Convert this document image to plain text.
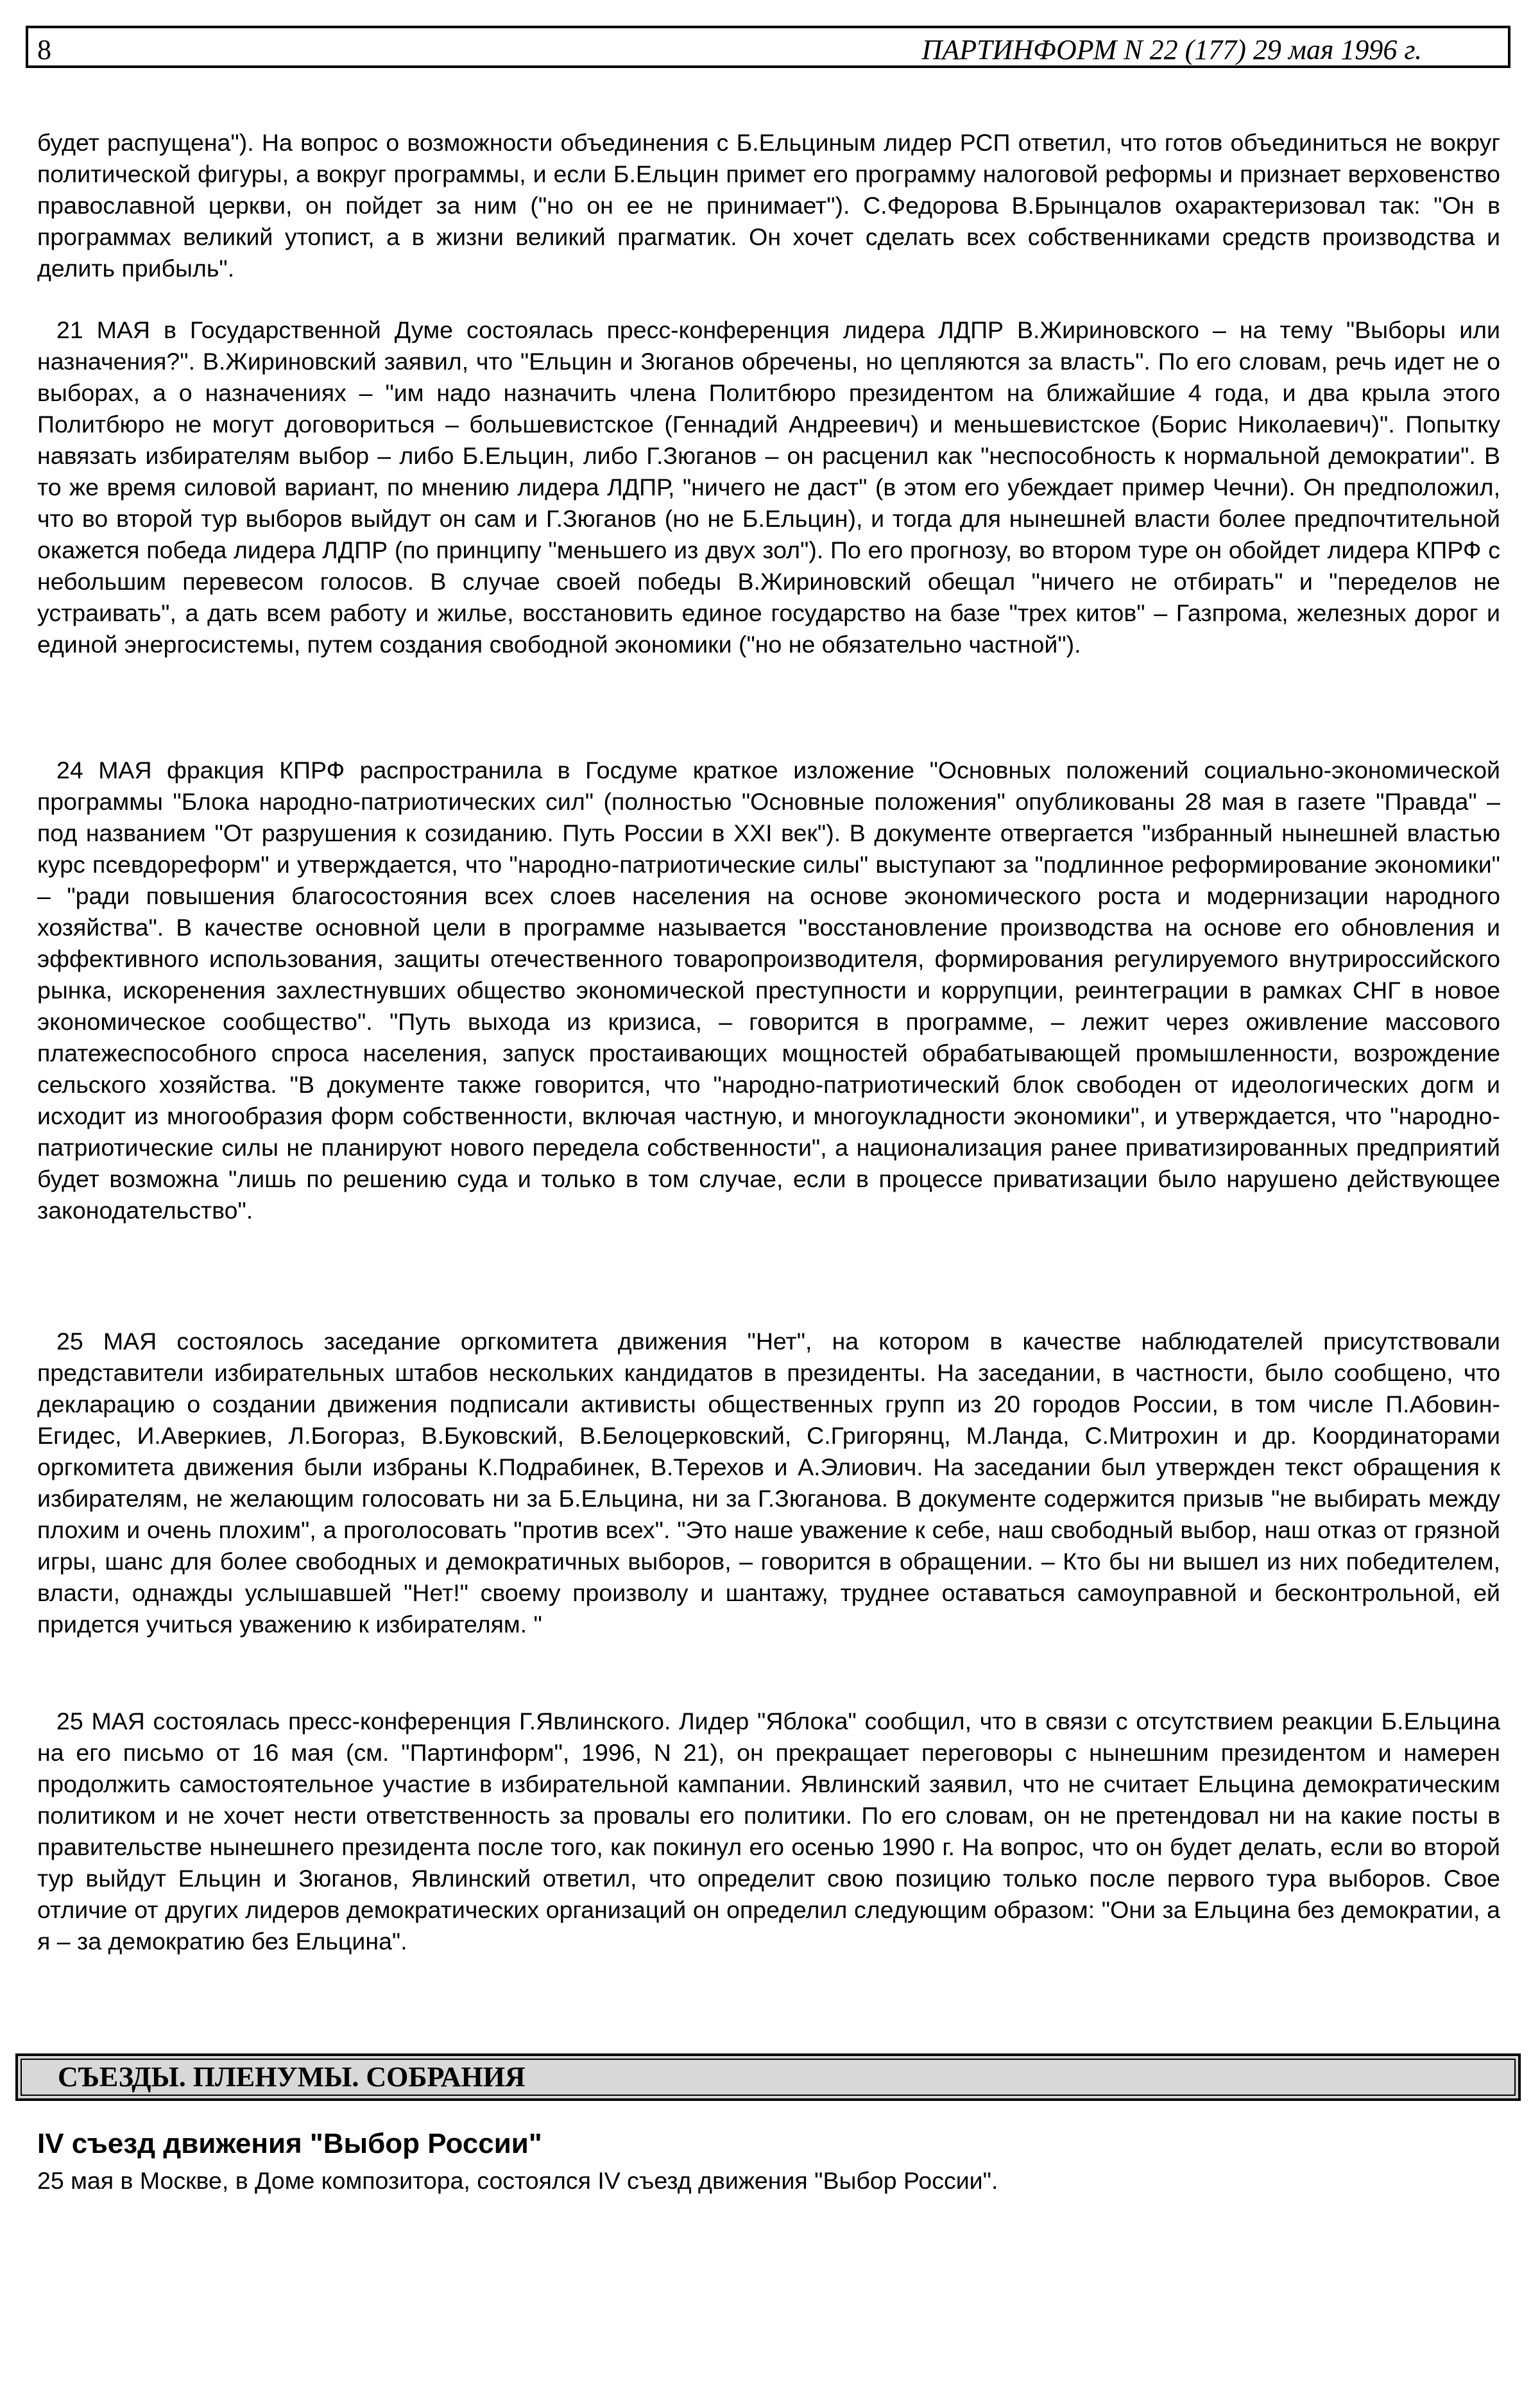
8	ПАРТИНФОРМ N 22 (177) 29 мая 1996 г.

будет распущена"). На вопрос о возможности объединения с Б.Ельциным лидер РСП ответил, что готов объединиться не вокруг политической фигуры, а вокруг программы, и если Б.Ельцин примет его программу налоговой реформы и признает верховенство православной церкви, он пойдет за ним ("но он ее не принимает"). С.Федорова В.Брынцалов охарактеризовал так: "Он в программах великий утопист, а в жизни великий прагматик. Он хочет сделать всех собственниками средств производства и делить прибыль".

21 МАЯ в Государственной Думе состоялась пресс-конференция лидера ЛДПР В.Жириновского – на тему "Выборы или назначения?". В.Жириновский заявил, что "Ельцин и Зюганов обречены, но цепляются за власть". По его словам, речь идет не о выборах, а о назначениях – "им надо назначить члена Политбюро президентом на ближайшие 4 года, и два крыла этого Политбюро не могут договориться – большевистское (Геннадий Андреевич) и меньшевистское (Борис Николаевич)". Попытку навязать избирателям выбор – либо Б.Ельцин, либо Г.Зюганов – он расценил как "неспособность к нормальной демократии". В то же время силовой вариант, по мнению лидера ЛДПР, "ничего не даст" (в этом его убеждает пример Чечни). Он предположил, что во второй тур выборов выйдут он сам и Г.Зюганов (но не Б.Ельцин), и тогда для нынешней власти более предпочтительной окажется победа лидера ЛДПР (по принципу "меньшего из двух зол"). По его прогнозу, во втором туре он обойдет лидера КПРФ с небольшим перевесом голосов. В случае своей победы В.Жириновский обещал "ничего не отбирать" и "переделов не устраивать", а дать всем работу и жилье, восстановить единое государство на базе "трех китов" – Газпрома, железных дорог и единой энергосистемы, путем создания свободной экономики ("но не обязательно частной").

24 МАЯ фракция КПРФ распространила в Госдуме краткое изложение "Основных положений социально-экономической программы "Блока народно-патриотических сил" (полностью "Основные положения" опубликованы 28 мая в газете "Правда" – под названием "От разрушения к созиданию. Путь России в XXI век"). В документе отвергается "избранный нынешней властью курс псевдореформ" и утверждается, что "народно-патриотические силы" выступают за "подлинное реформирование экономики" – "ради повышения благосостояния всех слоев населения на основе экономического роста и модернизации народного хозяйства". В качестве основной цели в программе называется "восстановление производства на основе его обновления и эффективного использования, защиты отечественного товаропроизводителя, формирования регулируемого внутрироссийского рынка, искоренения захлестнувших общество экономической преступности и коррупции, реинтеграции в рамках СНГ в новое экономическое сообщество". "Путь выхода из кризиса, – говорится в программе, – лежит через оживление массового платежеспособного спроса населения, запуск простаивающих мощностей обрабатывающей промышленности, возрождение сельского хозяйства. "В документе также говорится, что "народно-патриотический блок свободен от идеологических догм и исходит из многообразия форм собственности, включая частную, и многоукладности экономики", и утверждается, что "народно-патриотические силы не планируют нового передела собственности", а национализация ранее приватизированных предприятий будет возможна "лишь по решению суда и только в том случае, если в процессе приватизации было нарушено действующее законодательство".

25 МАЯ состоялось заседание оргкомитета движения "Нет", на котором в качестве наблюдателей присутствовали представители избирательных штабов нескольких кандидатов в президенты. На заседании, в частности, было сообщено, что декларацию о создании движения подписали активисты общественных групп из 20 городов России, в том числе П.Абовин-Егидес, И.Аверкиев, Л.Богораз, В.Буковский, В.Белоцерковский, С.Григорянц, М.Ланда, С.Митрохин и др. Координаторами оргкомитета движения были избраны К.Подрабинек, В.Терехов и А.Элиович. На заседании был утвержден текст обращения к избирателям, не желающим голосовать ни за Б.Ельцина, ни за Г.Зюганова. В документе содержится призыв "не выбирать между плохим и очень плохим", а проголосовать "против всех". "Это наше уважение к себе, наш свободный выбор, наш отказ от грязной игры, шанс для более свободных и демократичных выборов, – говорится в обращении. – Кто бы ни вышел из них победителем, власти, однажды услышавшей "Нет!" своему произволу и шантажу, труднее оставаться самоуправной и бесконтрольной, ей придется учиться уважению к избирателям. "

25 МАЯ состоялась пресс-конференция Г.Явлинского. Лидер "Яблока" сообщил, что в связи с отсутствием реакции Б.Ельцина на его письмо от 16 мая (см. "Партинформ", 1996, N 21), он прекращает переговоры с нынешним президентом и намерен продолжить самостоятельное участие в избирательной кампании. Явлинский заявил, что не считает Ельцина демократическим политиком и не хочет нести ответственность за провалы его политики. По его словам, он не претендовал ни на какие посты в правительстве нынешнего президента после того, как покинул его осенью 1990 г. На вопрос, что он будет делать, если во второй тур выйдут Ельцин и Зюганов, Явлинский ответил, что определит свою позицию только после первого тура выборов. Свое отличие от других лидеров демократических организаций он определил следующим образом: "Они за Ельцина без демократии, а я – за демократию без Ельцина".

СЪЕЗДЫ. ПЛЕНУМЫ. СОБРАНИЯ
IV съезд движения "Выбор России"

25 мая в Москве, в Доме композитора, состоялся IV съезд движения "Выбор России".
